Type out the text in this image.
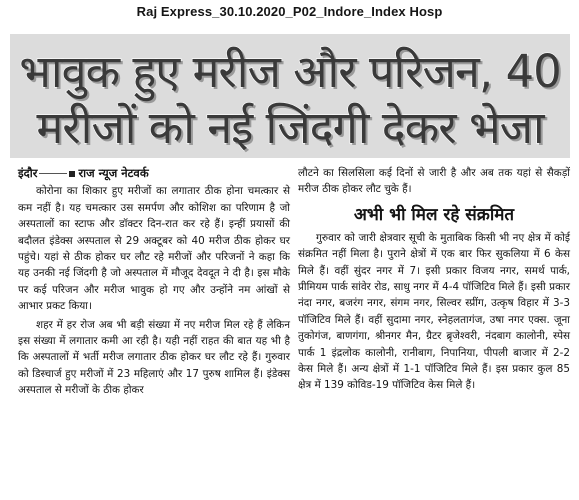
Raj Express_30.10.2020_P02_Indore_Index Hosp
भावुक हुए मरीज और परिजन, 40
मरीजों को नई जिंदगी देकर भेजा
इंदौर	राज न्यूज नेटवर्क

कोरोना का शिकार हुए मरीजों का लगातार ठीक होना चमत्कार से कम नहीं है। यह चमत्कार उस समर्पण और कोशिश का परिणाम है जो अस्पतालों का स्टाफ और डॉक्टर दिन-रात कर रहे हैं। इन्हीं प्रयासों की बदौलत इंडेक्स अस्पताल से 29 अक्टूबर को 40 मरीज ठीक होकर घर पहुंचे। यहां से ठीक होकर घर लौट रहे मरीजों और परिजनों ने कहा कि यह उनकी नई जिंदगी है जो अस्पताल में मौजूद देवदूत ने दी है। इस मौके पर कई परिजन और मरीज भावुक हो गए और उन्होंने नम आंखों से आभार प्रकट किया।

शहर में हर रोज अब भी बड़ी संख्या में नए मरीज मिल रहे हैं लेकिन इस संख्या में लगातार कमी आ रही है। यही नहीं राहत की बात यह भी है कि अस्पतालों में भर्ती मरीज लगातार ठीक होकर घर लौट रहे हैं। गुरुवार को डिस्चार्ज हुए मरीजों में 23 महिलाएं और 17 पुरुष शामिल हैं। इंडेक्स अस्पताल से मरीजों के ठीक होकर

लौटने का सिलसिला कई दिनों से जारी है और अब तक यहां से सैकड़ों मरीज ठीक होकर लौट चुके हैं।

अभी भी मिल रहे संक्रमित

गुरुवार को जारी क्षेत्रवार सूची के मुताबिक किसी भी नए क्षेत्र में कोई संक्रमित नहीं मिला है। पुराने क्षेत्रों में एक बार फिर सुकलिया में 6 केस मिले हैं। वहीं सुंदर नगर में 7। इसी प्रकार विजय नगर, समर्थ पार्क, प्रीमियम पार्क सांवेर रोड, साधु नगर में 4-4 पॉजिटिव मिले हैं। इसी प्रकार नंदा नगर, बजरंग नगर, संगम नगर, सिल्वर स्प्रींग, उत्कृष विहार में 3-3 पॉजिटिव मिले हैं। वहीं सुदामा नगर, स्नेहलतागंज, उषा नगर एक्स. जूना तुकोगंज, बाणगंगा, श्रीनगर मैन, ग्रैटर ब्रृजेश्वरी, नंदबाग कालोनी, स्पेस पार्क 1 इंद्रलोक कालोनी, रानीबाग, निपानिया, पीपली बाजार में 2-2 केस मिले हैं। अन्य क्षेत्रों में 1-1 पॉजिटिव मिले हैं। इस प्रकार कुल 85 क्षेत्र में 139 कोविड-19 पॉजिटिव केस मिले हैं।
